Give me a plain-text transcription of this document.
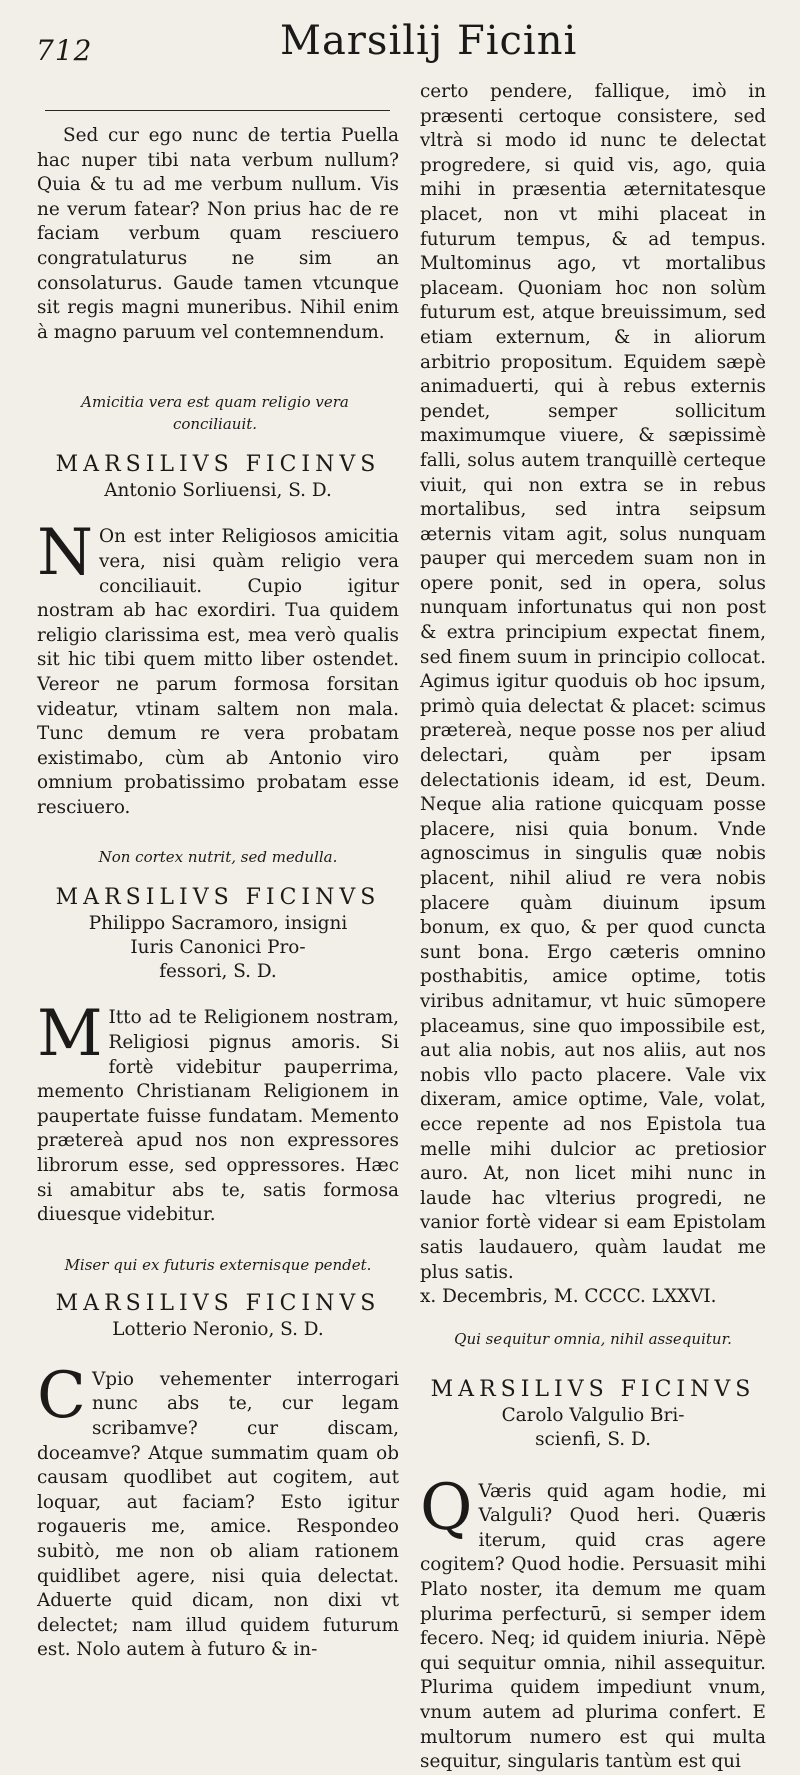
712	Marsilij Ficini

Sed cur ego nunc de tertia Puella hac nuper tibi nata verbum nullum? Quia & tu ad me verbum nullum. Vis ne verum fatear? Non prius hac de re faciam verbum quam resciuero congratulaturus ne sim an consolaturus. Gaude tamen vtcunque sit regis magni muneribus. Nihil enim à magno paruum vel contemnendum.

Amicitia vera est quam religio vera conciliauit.

MARSILIVS FICINVS

Antonio Sorliuensi, S. D.

N On est inter Religiosos amicitia vera, nisi quàm religio vera conciliauit. Cupio igitur nostram ab hac exordiri. Tua quidem religio clarissima est, mea verò qualis sit hic tibi quem mitto liber ostendet. Vereor ne parum formosa forsitan videatur, vtinam saltem non mala. Tunc demum re vera probatam existimabo, cùm ab Antonio viro omnium probatissimo probatam esse resciuero.

Non cortex nutrit, sed medulla.

MARSILIVS FICINVS

Philippo Sacramoro, insigni

Iuris Canonici Pro-

fessori, S. D.

M Itto ad te Religionem nostram, Religiosi pignus amoris. Si fortè videbitur pauperrima, memento Christianam Religionem in paupertate fuisse fundatam. Memento prætereà apud nos non expressores librorum esse, sed oppressores. Hæc si amabitur abs te, satis formosa diuesque videbitur.

Miser qui ex futuris externisque pendet.

MARSILIVS FICINVS

Lotterio Neronio, S. D.

C Vpio vehementer interrogari nunc abs te, cur legam scribamve? cur discam, doceamve? Atque summatim quam ob causam quodlibet aut cogitem, aut loquar, aut faciam? Esto igitur rogaueris me, amice. Respondeo subitò, me non ob aliam rationem quidlibet agere, nisi quia delectat. Aduerte quid dicam, non dixi vt delectet; nam illud quidem futurum est. Nolo autem à futuro & in-

certo pendere, fallique, imò in præsenti certoque consistere, sed vltrà si modo id nunc te delectat progredere, si quid vis, ago, quia mihi in præsentia æternitatesque placet, non vt mihi placeat in futurum tempus, & ad tempus. Multominus ago, vt mortalibus placeam. Quoniam hoc non solùm futurum est, atque breuissimum, sed etiam externum, & in aliorum arbitrio propositum. Equidem sæpè animaduerti, qui à rebus externis pendet, semper sollicitum maximumque viuere, & sæpissimè falli, solus autem tranquillè certeque viuit, qui non extra se in rebus mortalibus, sed intra seipsum æternis vitam agit, solus nunquam pauper qui mercedem suam non in opere ponit, sed in opera, solus nunquam infortunatus qui non post & extra principium expectat finem, sed finem suum in principio collocat. Agimus igitur quoduis ob hoc ipsum, primò quia delectat & placet: scimus prætereà, neque posse nos per aliud delectari, quàm per ipsam delectationis ideam, id est, Deum. Neque alia ratione quicquam posse placere, nisi quia bonum. Vnde agnoscimus in singulis quæ nobis placent, nihil aliud re vera nobis placere quàm diuinum ipsum bonum, ex quo, & per quod cuncta sunt bona. Ergo cæteris omnino posthabitis, amice optime, totis viribus adnitamur, vt huic sūmopere placeamus, sine quo impossibile est, aut alia nobis, aut nos aliis, aut nos nobis vllo pacto placere. Vale vix dixeram, amice optime, Vale, volat, ecce repente ad nos Epistola tua melle mihi dulcior ac pretiosior auro. At, non licet mihi nunc in laude hac vlterius progredi, ne vanior fortè videar si eam Epistolam satis laudauero, quàm laudat me plus satis.

x. Decembris, M. CCCC. LXXVI.

Qui sequitur omnia, nihil assequitur.

MARSILIVS FICINVS

Carolo Valgulio Bri-

scienfi, S. D.

Q Væris quid agam hodie, mi Valguli? Quod heri. Quæris iterum, quid cras agere cogitem? Quod hodie. Persuasit mihi Plato noster, ita demum me quam plurima perfecturū, si semper idem fecero. Neq; id quidem iniuria. Nēpè qui sequitur omnia, nihil assequitur. Plurima quidem impediunt vnum, vnum autem ad plurima confert. E multorum numero est qui multa sequitur, singularis tantùm est qui
